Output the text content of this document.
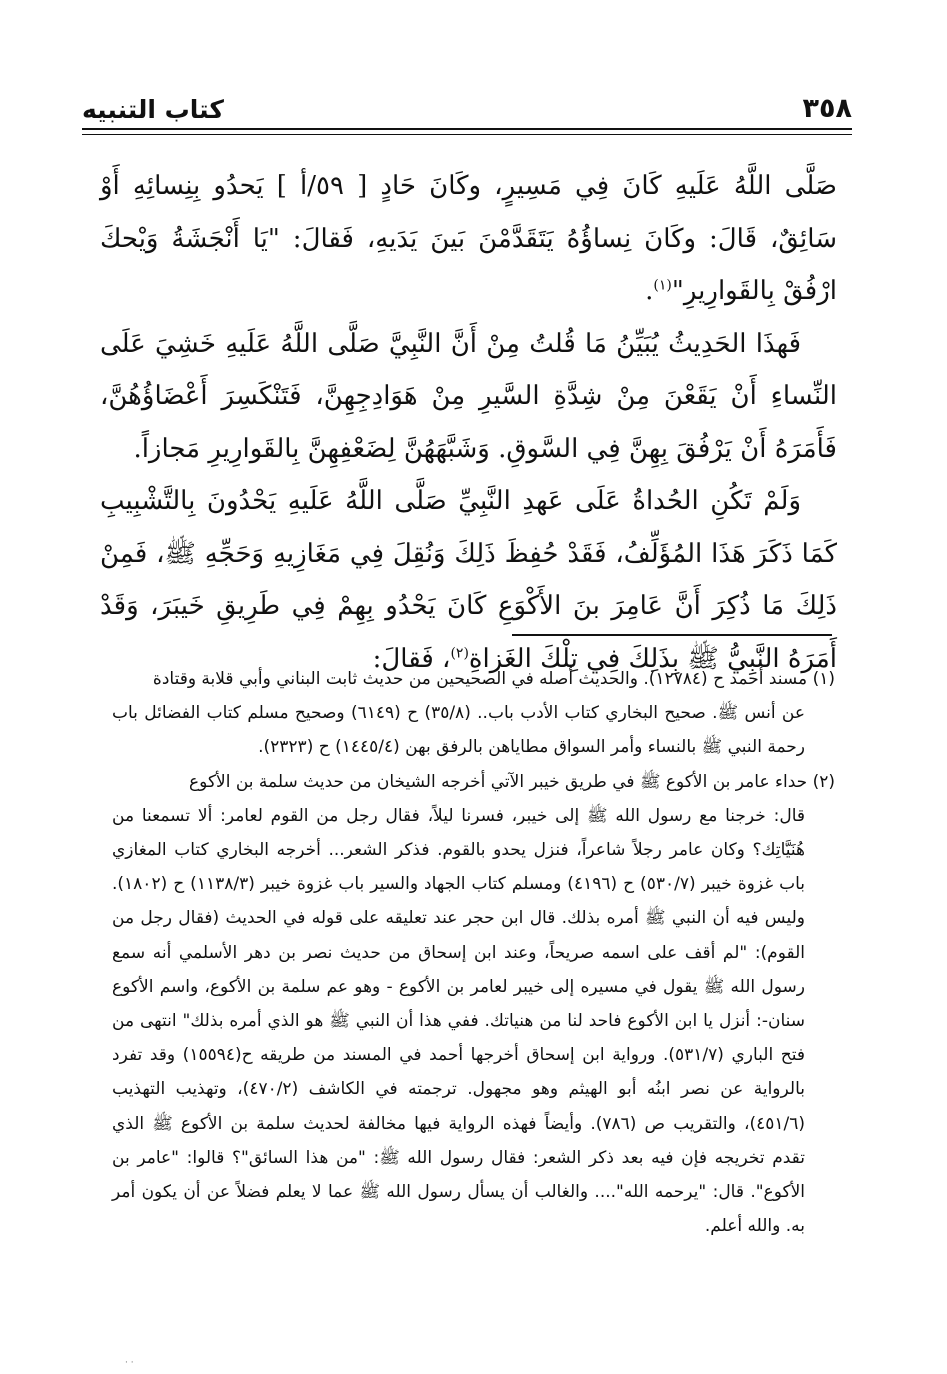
٣٥٨
كتاب التنبيه

صَلَّى اللَّهُ عَلَيهِ كَانَ فِي مَسِيرٍ، وكَانَ حَادٍ [ ٥٩/أ ] يَحدُو بِنِسائِهِ أَوْ سَائِقٌ، قَالَ: وكَانَ نِساؤُهُ يَتَقَدَّمْنَ بَينَ يَدَيهِ، فَقالَ: "يَا أَنْجَشَةُ وَيْحكَ ارْفُقْ بِالقَوارِيرِ"$^{(١)}$.

فَهذَا الحَدِيثُ يُبَيِّنُ مَا قُلتُ مِنْ أَنَّ النَّبِيَّ صَلَّى اللَّهُ عَلَيهِ خَشِيَ عَلَى النِّساءِ أَنْ يَقَعْنَ مِنْ شِدَّةِ السَّيرِ مِنْ هَوَادِجِهِنَّ، فَتَنْكَسِرَ أَعْضَاؤُهُنَّ، فَأَمَرَهُ أَنْ يَرْفُقَ بِهِنَّ فِي السَّوقِ. وَشَبَّهَهُنَّ لِضَعْفِهِنَّ بِالقَوارِيرِ مَجازاً.

وَلَمْ تَكُنِ الحُداةُ عَلَى عَهدِ النَّبِيِّ صَلَّى اللَّهُ عَلَيهِ يَحْدُونَ بِالتَّشْبِيبِ كَمَا ذَكَرَ هَذَا المُؤَلِّفُ، فَقَدْ حُفِظَ ذَلِكَ وَنُقِلَ فِي مَغَازِيهِ وَحَجِّهِ ﷺ، فَمِنْ ذَلِكَ مَا ذُكِرَ أَنَّ عَامِرَ بنَ الأَكْوَعِ كَانَ يَحْدُو بِهِمْ فِي طَرِيقِ خَيبَرَ، وَقَدْ أَمَرَهُ النَّبِيُّ ﷺ بِذَلِكَ فِي تِلْكَ الغَزاةِ$^{(٢)}$، فَقالَ:

(١) مسند أحمد ح (١٢٧٨٤). والحديث أصله في الصحيحين من حديث ثابت البناني وأبي قلابة وقتادة
عن أنس ﷺ. صحيح البخاري كتاب الأدب باب.. (٣٥/٨) ح (٦١٤٩) وصحيح مسلم كتاب الفضائل باب رحمة النبي ﷺ بالنساء وأمر السواق مطاياهن بالرفق بهن (١٤٤٥/٤) ح (٢٣٢٣).

(٢) حداء عامر بن الأكوع ﷺ في طريق خيبر الآتي أخرجه الشيخان من حديث سلمة بن الأكوع
قال: خرجنا مع رسول الله ﷺ إلى خيبر، فسرنا ليلاً، فقال رجل من القوم لعامر: ألا تسمعنا من هُنَيَّاتِك؟ وكان عامر رجلاً شاعراً، فنزل يحدو بالقوم. فذكر الشعر... أخرجه البخاري كتاب المغازي باب غزوة خيبر (٥٣٠/٧) ح (٤١٩٦) ومسلم كتاب الجهاد والسير باب غزوة خيبر (١١٣٨/٣) ح (١٨٠٢). وليس فيه أن النبي ﷺ أمره بذلك. قال ابن حجر عند تعليقه على قوله في الحديث (فقال رجل من القوم): "لم أقف على اسمه صريحاً، وعند ابن إسحاق من حديث نصر بن دهر الأسلمي أنه سمع رسول الله ﷺ يقول في مسيره إلى خيبر لعامر بن الأكوع - وهو عم سلمة بن الأكوع، واسم الأكوع سنان-: أنزل يا ابن الأكوع فاحد لنا من هنياتك. ففي هذا أن النبي ﷺ هو الذي أمره بذلك" انتهى من فتح الباري (٥٣١/٧). ورواية ابن إسحاق أخرجها أحمد في المسند من طريقه ح(١٥٥٩٤) وقد تفرد بالرواية عن نصر ابنُه أبو الهيثم وهو مجهول. ترجمته في الكاشف (٤٧٠/٢)، وتهذيب التهذيب (٤٥١/٦)، والتقريب ص (٧٨٦). وأيضاً فهذه الرواية فيها مخالفة لحديث سلمة بن الأكوع ﷺ الذي تقدم تخريجه فإن فيه بعد ذكر الشعر: فقال رسول الله ﷺ: "من هذا السائق"؟ قالوا: "عامر بن الأكوع". قال: "يرحمه الله".... والغالب أن يسأل رسول الله ﷺ عما لا يعلم فضلاً عن أن يكون أمر به. والله أعلم.

· ·
